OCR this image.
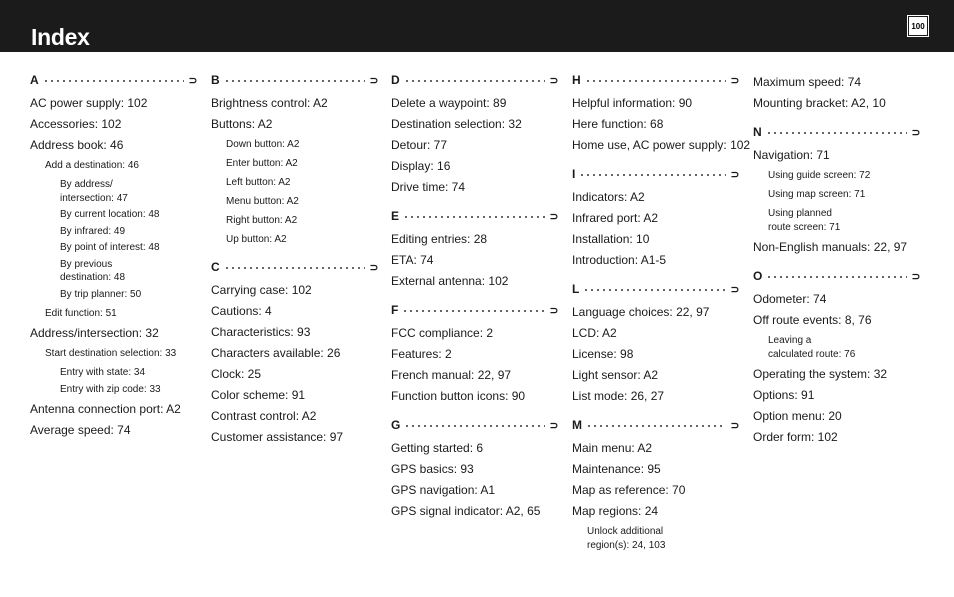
Index	100
A	⊃
AC power supply: 102
Accessories: 102
Address book: 46
Add a destination: 46
By address/
intersection: 47
By current location: 48
By infrared: 49
By point of interest: 48
By previous
destination: 48
By trip planner: 50
Edit function: 51
Address/intersection: 32
Start destination selection: 33
Entry with state: 34
Entry with zip code: 33
Antenna connection port: A2
Average speed: 74
B	⊃
Brightness control: A2
Buttons: A2
Down button: A2
Enter button: A2
Left button: A2
Menu button: A2
Right button: A2
Up button: A2
C	⊃
Carrying case: 102
Cautions: 4
Characteristics: 93
Characters available: 26
Clock: 25
Color scheme: 91
Contrast control: A2
Customer assistance: 97
D	⊃
Delete a waypoint: 89
Destination selection: 32
Detour: 77
Display: 16
Drive time: 74
E	⊃
Editing entries: 28
ETA: 74
External antenna: 102
F	⊃
FCC compliance: 2
Features: 2
French manual: 22, 97
Function button icons: 90
G	⊃
Getting started: 6
GPS basics: 93
GPS navigation: A1
GPS signal indicator: A2, 65
H	⊃
Helpful information: 90
Here function: 68
Home use, AC power supply: 102
I	⊃
Indicators: A2
Infrared port: A2
Installation: 10
Introduction: A1-5
L	⊃
Language choices: 22, 97
LCD: A2
License: 98
Light sensor: A2
List mode: 26, 27
M	⊃
Main menu: A2
Maintenance: 95
Map as reference: 70
Map regions: 24
Unlock additional
region(s): 24, 103
Maximum speed: 74
Mounting bracket: A2, 10
N	⊃
Navigation: 71
Using guide screen: 72
Using map screen: 71
Using planned
route screen: 71
Non-English manuals: 22, 97
O	⊃
Odometer: 74
Off route events: 8, 76
Leaving a
calculated route: 76
Operating the system: 32
Options: 91
Option menu: 20
Order form: 102
